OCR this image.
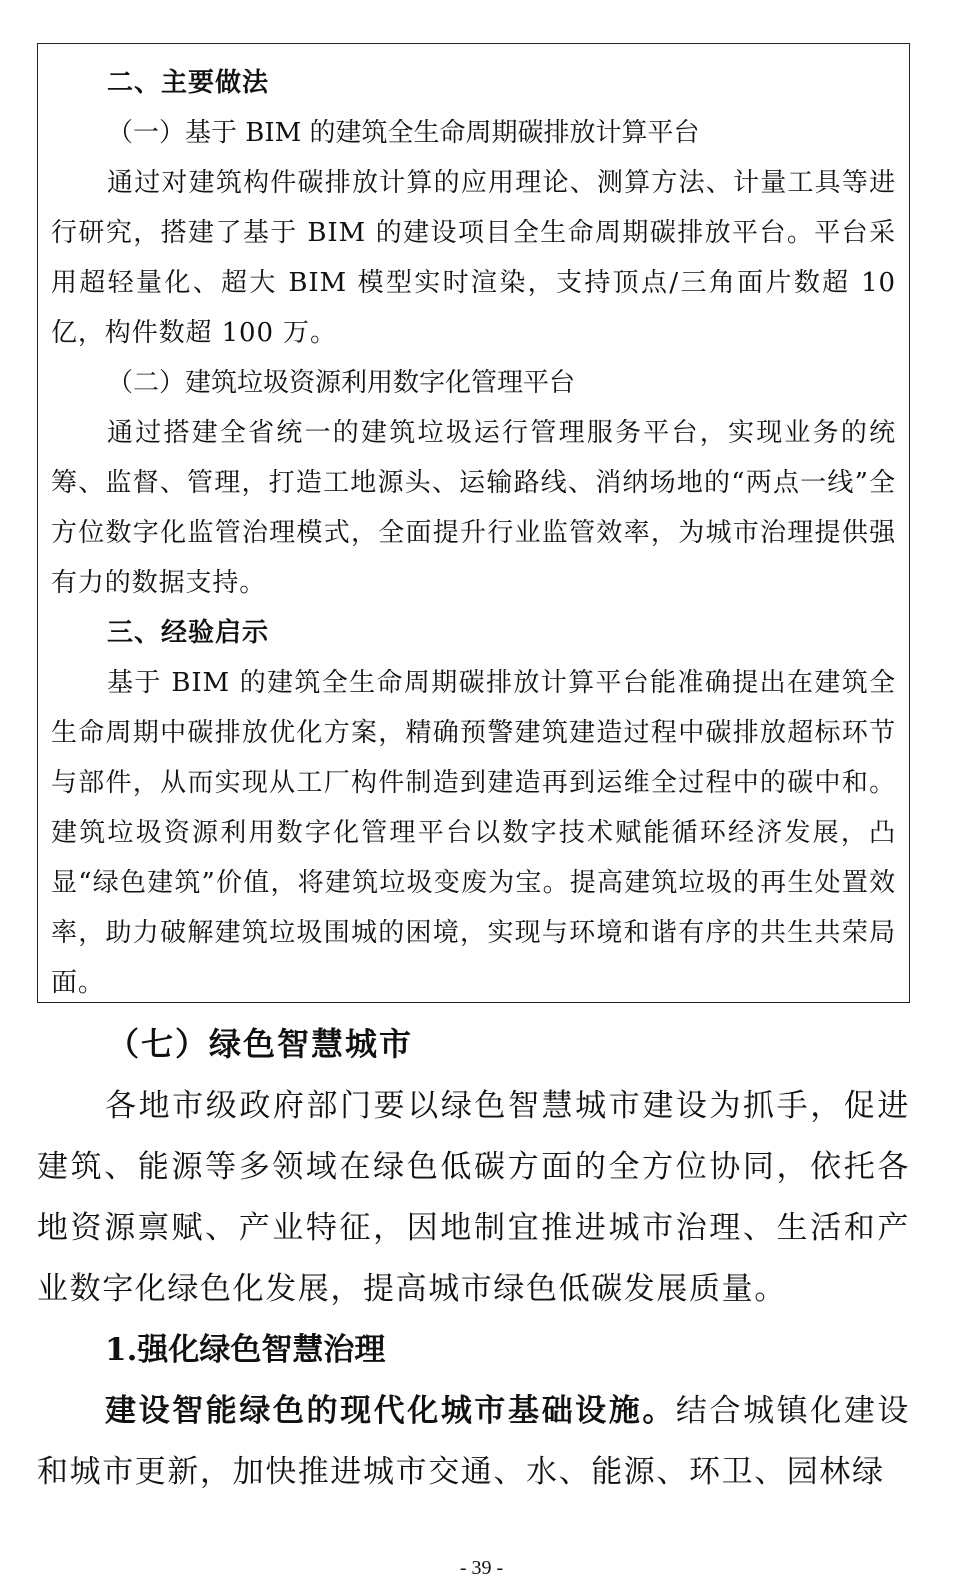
二、主要做法
（一）基于 BIM 的建筑全生命周期碳排放计算平台
通过对建筑构件碳排放计算的应用理论、测算方法、计量工具等进行研究，搭建了基于 BIM 的建设项目全生命周期碳排放平台。平台采用超轻量化、超大 BIM 模型实时渲染，支持顶点/三角面片数超 10 亿，构件数超 100 万。
（二）建筑垃圾资源利用数字化管理平台
通过搭建全省统一的建筑垃圾运行管理服务平台，实现业务的统筹、监督、管理，打造工地源头、运输路线、消纳场地的“两点一线”全方位数字化监管治理模式，全面提升行业监管效率，为城市治理提供强有力的数据支持。
三、经验启示
基于 BIM 的建筑全生命周期碳排放计算平台能准确提出在建筑全生命周期中碳排放优化方案，精确预警建筑建造过程中碳排放超标环节与部件，从而实现从工厂构件制造到建造再到运维全过程中的碳中和。建筑垃圾资源利用数字化管理平台以数字技术赋能循环经济发展，凸显“绿色建筑”价值，将建筑垃圾变废为宝。提高建筑垃圾的再生处置效率，助力破解建筑垃圾围城的困境，实现与环境和谐有序的共生共荣局面。
（七）绿色智慧城市

各地市级政府部门要以绿色智慧城市建设为抓手，促进建筑、能源等多领域在绿色低碳方面的全方位协同，依托各地资源禀赋、产业特征，因地制宜推进城市治理、生活和产业数字化绿色化发展，提高城市绿色低碳发展质量。

1.强化绿色智慧治理

建设智能绿色的现代化城市基础设施。结合城镇化建设和城市更新，加快推进城市交通、水、能源、环卫、园林绿

- 39 -
